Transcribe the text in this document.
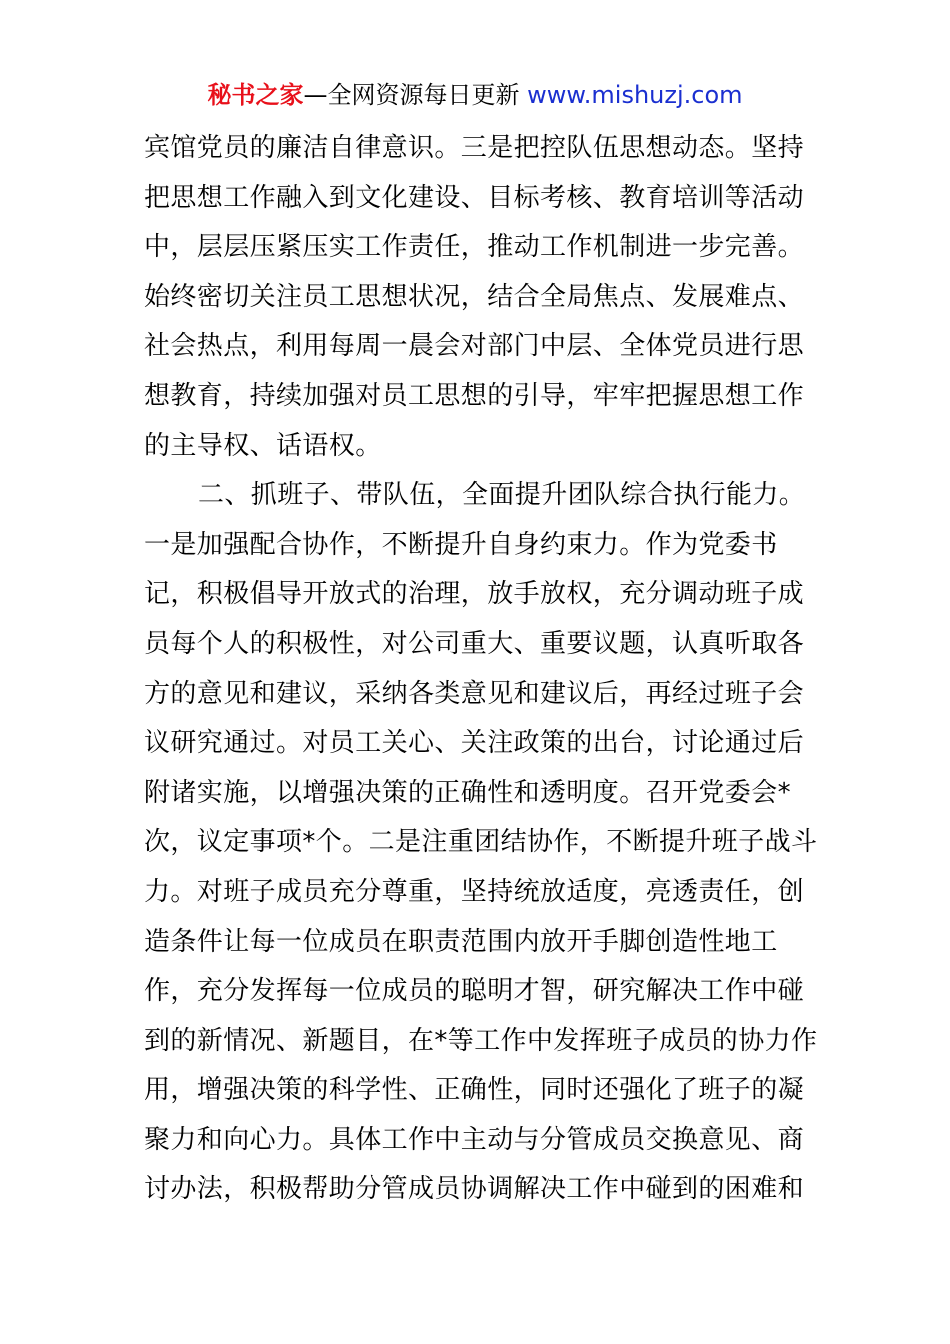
秘书之家—全网资源每日更新 www.mishuzj.com
宾馆党员的廉洁自律意识。三是把控队伍思想动态。坚持
把思想工作融入到文化建设、目标考核、教育培训等活动
中，层层压紧压实工作责任，推动工作机制进一步完善。
始终密切关注员工思想状况，结合全局焦点、发展难点、
社会热点，利用每周一晨会对部门中层、全体党员进行思
想教育，持续加强对员工思想的引导，牢牢把握思想工作
的主导权、话语权。
二、抓班子、带队伍，全面提升团队综合执行能力。
一是加强配合协作，不断提升自身约束力。作为党委书
记，积极倡导开放式的治理，放手放权，充分调动班子成
员每个人的积极性，对公司重大、重要议题，认真听取各
方的意见和建议，采纳各类意见和建议后，再经过班子会
议研究通过。对员工关心、关注政策的出台，讨论通过后
附诸实施，以增强决策的正确性和透明度。召开党委会*
次，议定事项*个。二是注重团结协作，不断提升班子战斗
力。对班子成员充分尊重，坚持统放适度，亮透责任，创
造条件让每一位成员在职责范围内放开手脚创造性地工
作，充分发挥每一位成员的聪明才智，研究解决工作中碰
到的新情况、新题目，在*等工作中发挥班子成员的协力作
用，增强决策的科学性、正确性，同时还强化了班子的凝
聚力和向心力。具体工作中主动与分管成员交换意见、商
讨办法，积极帮助分管成员协调解决工作中碰到的困难和
